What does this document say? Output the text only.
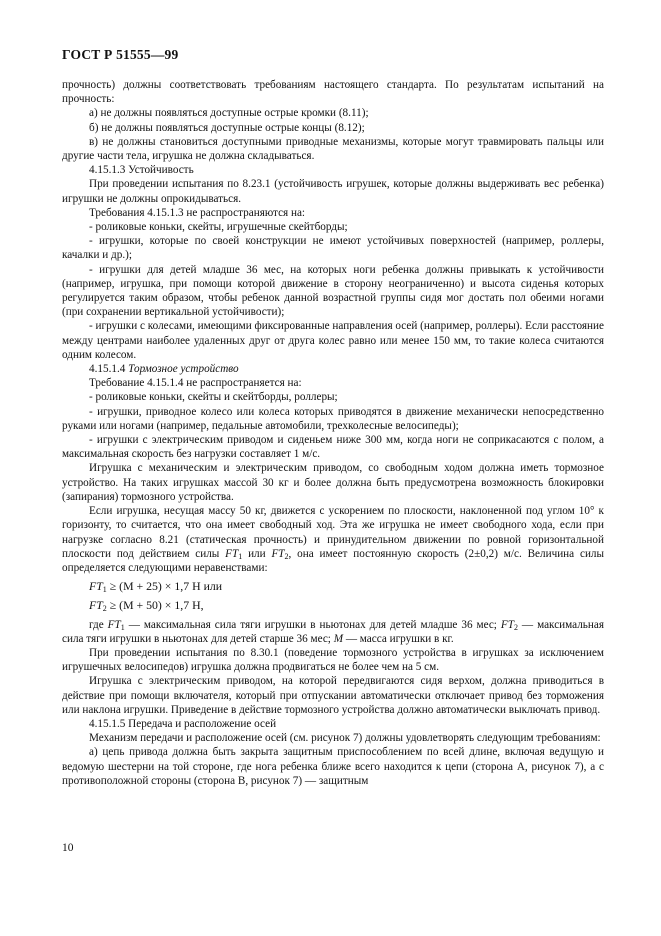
ГОСТ Р 51555—99

прочность) должны соответствовать требованиям настоящего стандарта. По результатам испытаний на прочность:

а) не должны появляться доступные острые кромки (8.11);

б) не должны появляться доступные острые концы (8.12);

в) не должны становиться доступными приводные механизмы, которые могут травмировать пальцы или другие части тела, игрушка не должна складываться.

4.15.1.3 Устойчивость

При проведении испытания по 8.23.1 (устойчивость игрушек, которые должны выдерживать вес ребенка) игрушки не должны опрокидываться.

Требования 4.15.1.3 не распространяются на:

- роликовые коньки, скейты, игрушечные скейтборды;

- игрушки, которые по своей конструкции не имеют устойчивых поверхностей (например, роллеры, качалки и др.);

- игрушки для детей младше 36 мес, на которых ноги ребенка должны привыкать к устойчивости (например, игрушка, при помощи которой движение в сторону неограниченно) и высота сиденья которых регулируется таким образом, чтобы ребенок данной возрастной группы сидя мог достать пол обеими ногами (при сохранении вертикальной устойчивости);

- игрушки с колесами, имеющими фиксированные направления осей (например, роллеры). Если расстояние между центрами наиболее удаленных друг от друга колес равно или менее 150 мм, то такие колеса считаются одним колесом.

4.15.1.4 Тормозное устройство

Требование 4.15.1.4 не распространяется на:

- роликовые коньки, скейты и скейтборды, роллеры;

- игрушки, приводное колесо или колеса которых приводятся в движение механически непосредственно руками или ногами (например, педальные автомобили, трехколесные велосипеды);

- игрушки с электрическим приводом и сиденьем ниже 300 мм, когда ноги не соприкасаются с полом, а максимальная скорость без нагрузки составляет 1 м/с.

Игрушка с механическим и электрическим приводом, со свободным ходом должна иметь тормозное устройство. На таких игрушках массой 30 кг и более должна быть предусмотрена возможность блокировки (запирания) тормозного устройства.

Если игрушка, несущая массу 50 кг, движется с ускорением по плоскости, наклоненной под углом 10° к горизонту, то считается, что она имеет свободный ход. Эта же игрушка не имеет свободного хода, если при нагрузке согласно 8.21 (статическая прочность) и принудительном движении по ровной горизонтальной плоскости под действием силы $FT_1$ или $FT_2$, она имеет постоянную скорость (2±0,2) м/с. Величина силы определяется следующими неравенствами:

$FT_1 \ge (M + 25) \times 1,7$ Н или

$FT_2 \ge (M + 50) \times 1,7$ Н,

где $FT_1$ — максимальная сила тяги игрушки в ньютонах для детей младше 36 мес; $FT_2$ — максимальная сила тяги игрушки в ньютонах для детей старше 36 мес; M — масса игрушки в кг.

При проведении испытания по 8.30.1 (поведение тормозного устройства в игрушках за исключением игрушечных велосипедов) игрушка должна продвигаться не более чем на 5 см.

Игрушка с электрическим приводом, на которой передвигаются сидя верхом, должна приводиться в действие при помощи включателя, который при отпускании автоматически отключает привод без торможения или наклона игрушки. Приведение в действие тормозного устройства должно автоматически выключать привод.

4.15.1.5 Передача и расположение осей

Механизм передачи и расположение осей (см. рисунок 7) должны удовлетворять следующим требованиям:

а) цепь привода должна быть закрыта защитным приспособлением по всей длине, включая ведущую и ведомую шестерни на той стороне, где нога ребенка ближе всего находится к цепи (сторона А, рисунок 7), а с противоположной стороны (сторона В, рисунок 7) — защитным

10
